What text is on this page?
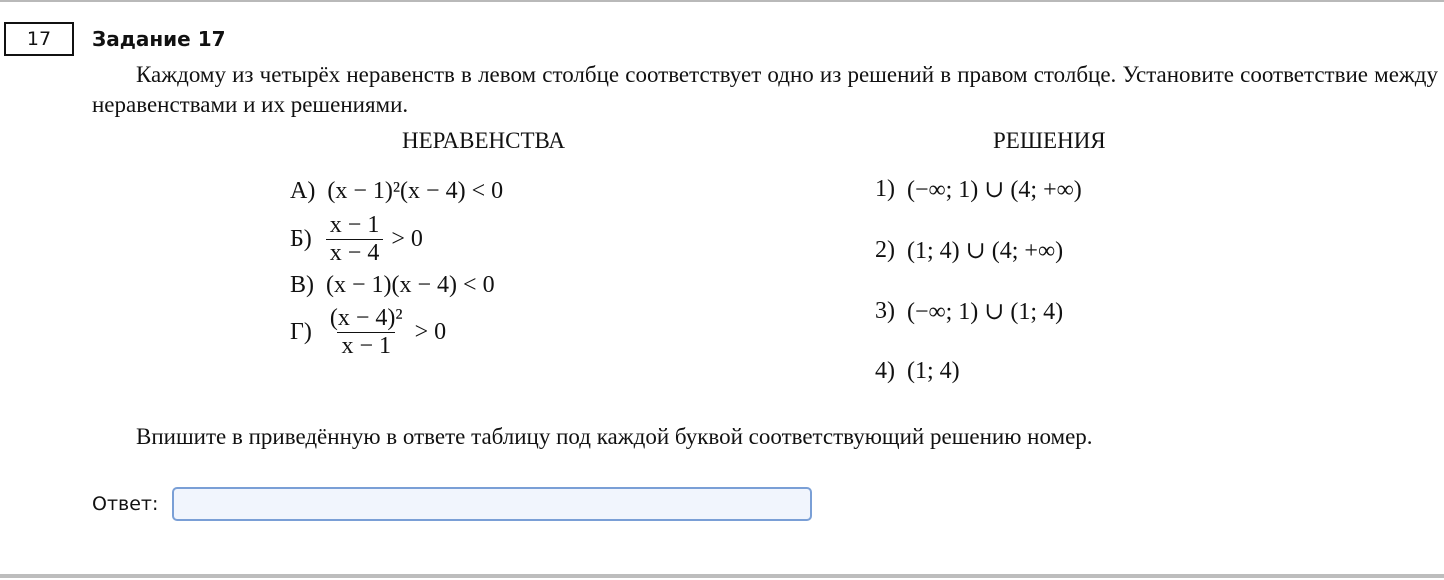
17	Задание 17

Каждому из четырёх неравенств в левом столбце соответствует одно из решений в правом столбце. Установите соответствие между неравенствами и их решениями.

НЕРАВЕНСТВА	РЕШЕНИЯ
А) (x − 1)²(x − 4) < 0
$Б) \frac{x - 1}{x - 4} > 0$
В) (x − 1)(x − 4) < 0
$Г) \frac{\text{(x − 4)²}}{x - 1} > 0$
1) (−∞; 1) ∪ (4; +∞)
2) (1; 4) ∪ (4; +∞)
3) (−∞; 1) ∪ (1; 4)
4) (1; 4)
Впишите в приведённую в ответе таблицу под каждой буквой соответствующий решению номер.
Ответ:
